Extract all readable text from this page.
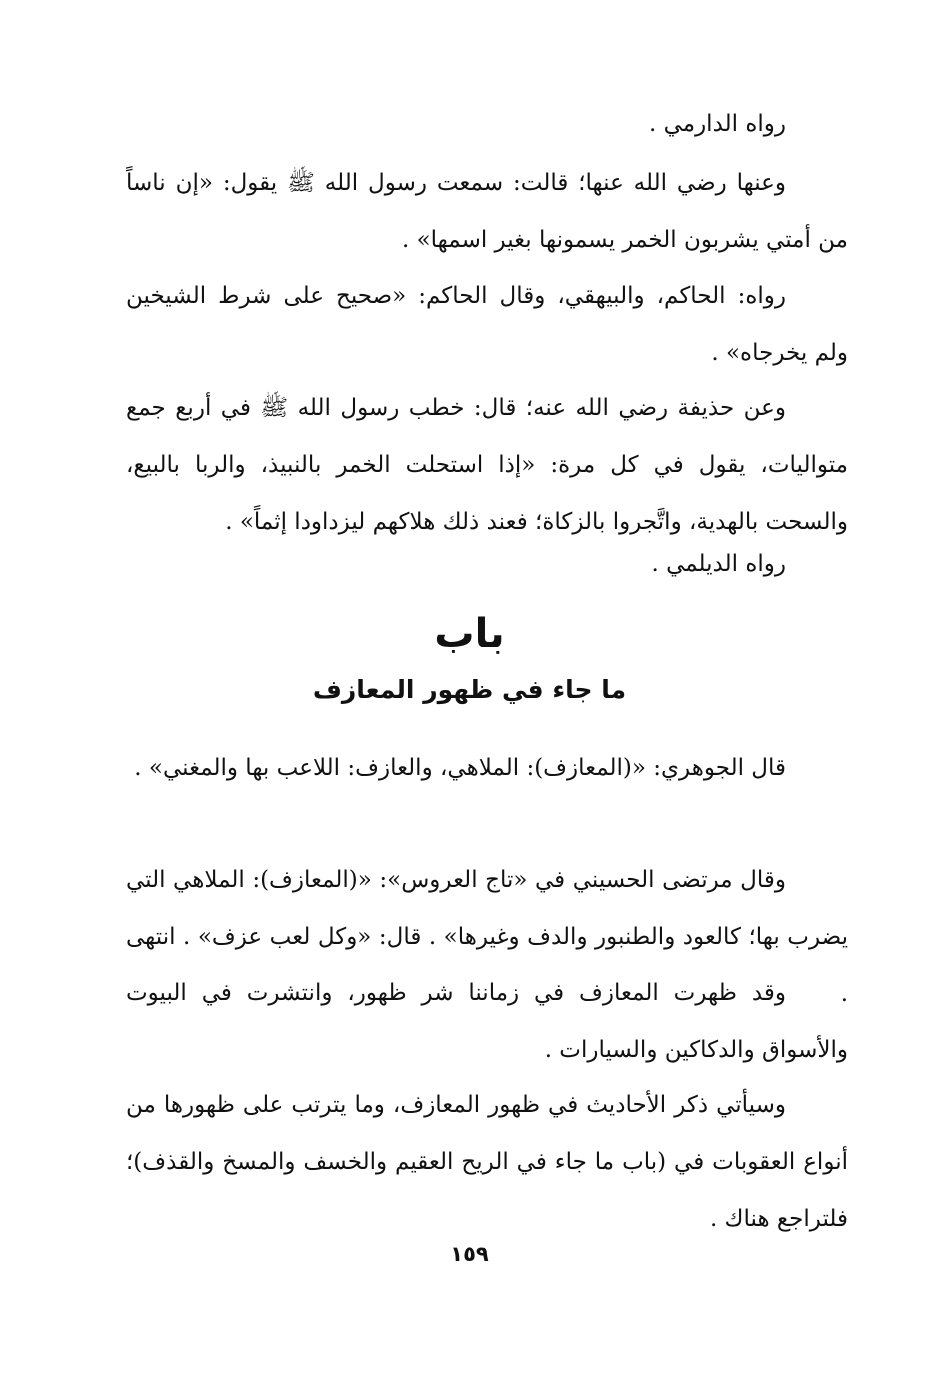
رواه الدارمي .

وعنها رضي الله عنها؛ قالت: سمعت رسول الله ﷺ يقول: «إن ناساً من أمتي يشربون الخمر يسمونها بغير اسمها» .

رواه: الحاكم، والبيهقي، وقال الحاكم: «صحيح على شرط الشيخين ولم يخرجاه» .

وعن حذيفة رضي الله عنه؛ قال: خطب رسول الله ﷺ في أربع جمع متواليات، يقول في كل مرة: «إذا استحلت الخمر بالنبيذ، والربا بالبيع، والسحت بالهدية، واتَّجروا بالزكاة؛ فعند ذلك هلاكهم ليزداودا إثماً» .

رواه الديلمي .

باب
ما جاء في ظهور المعازف

قال الجوهري: «(المعازف): الملاهي، والعازف: اللاعب بها والمغني» .

وقال مرتضى الحسيني في «تاج العروس»: «(المعازف): الملاهي التي يضرب بها؛ كالعود والطنبور والدف وغيرها» . قال: «وكل لعب عزف» . انتهى .

وقد ظهرت المعازف في زماننا شر ظهور، وانتشرت في البيوت والأسواق والدكاكين والسيارات .

وسيأتي ذكر الأحاديث في ظهور المعازف، وما يترتب على ظهورها من أنواع العقوبات في (باب ما جاء في الريح العقيم والخسف والمسخ والقذف)؛ فلتراجع هناك .

١٥٩
